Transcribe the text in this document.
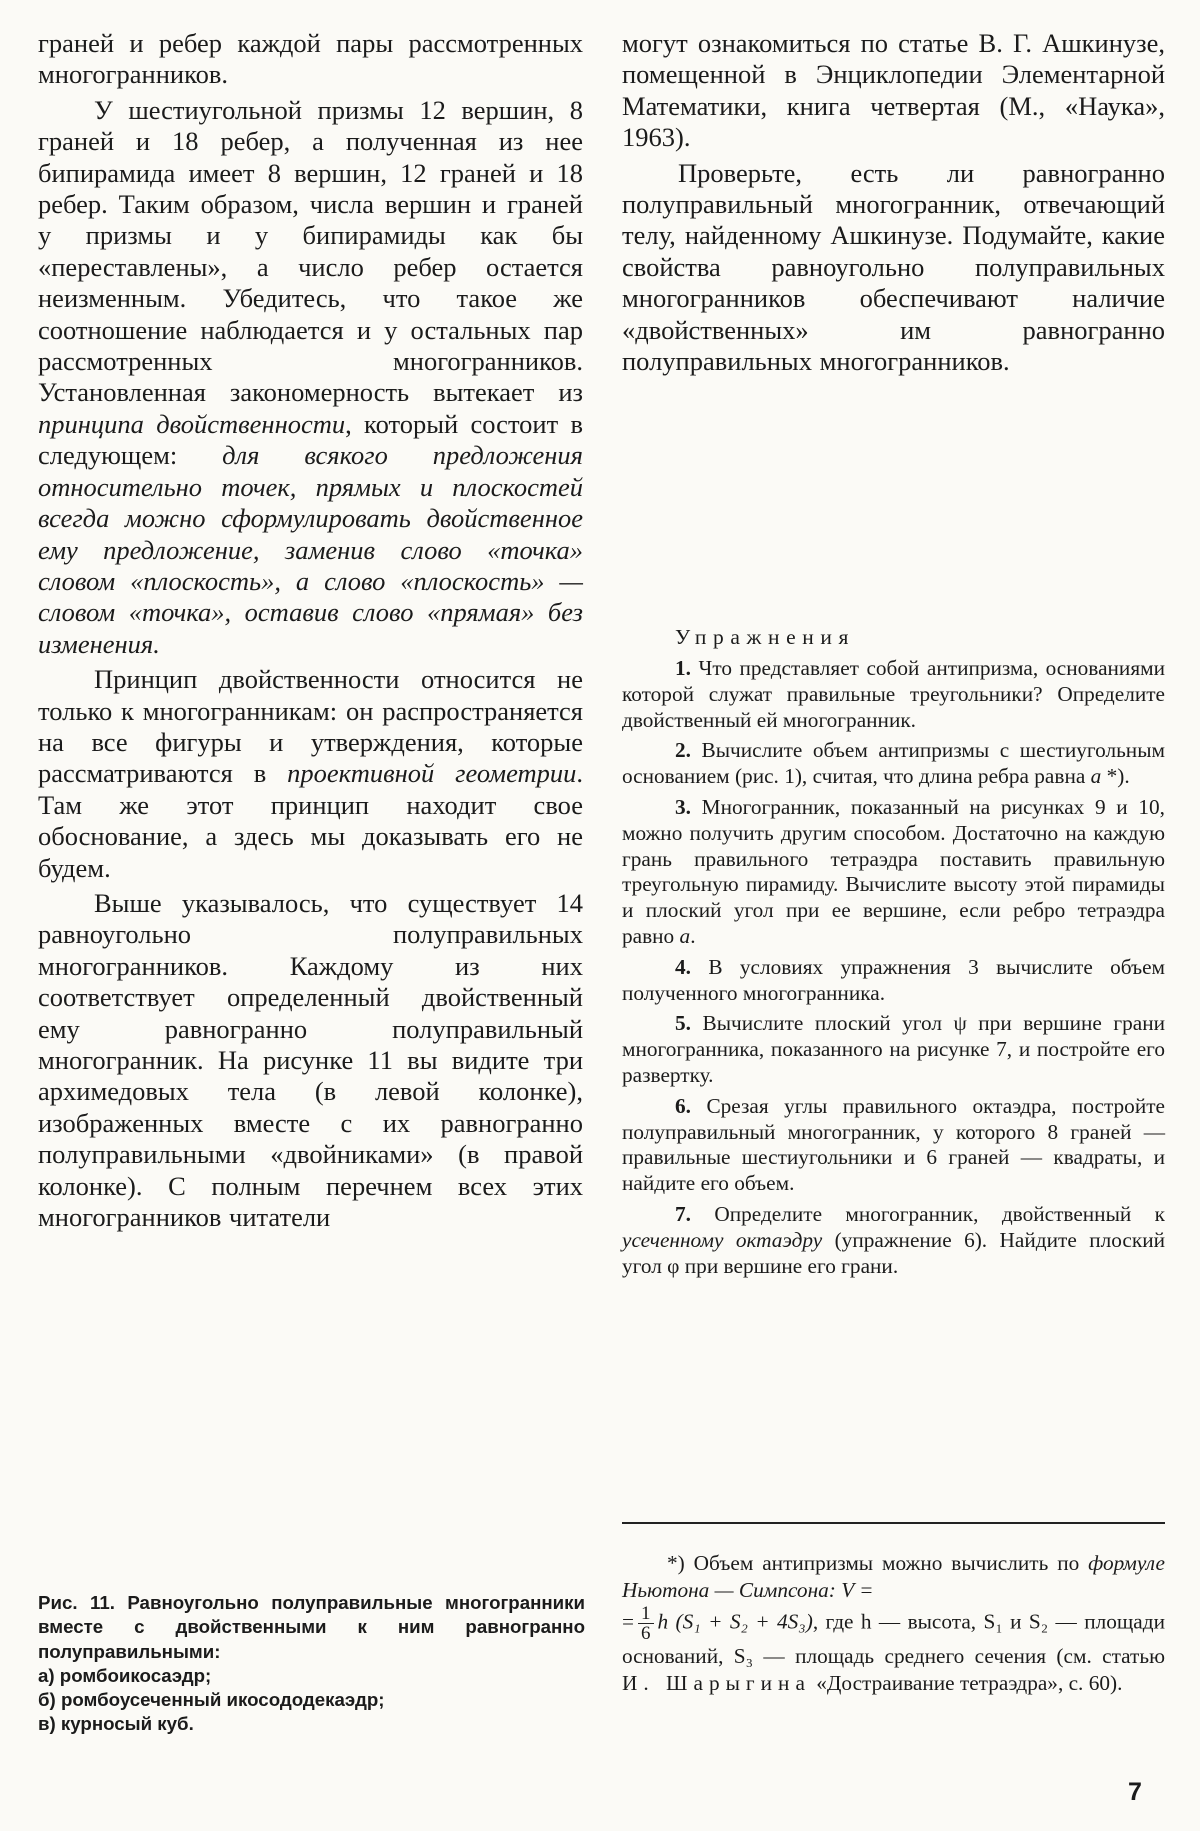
граней и ребер каждой пары рассмотренных многогранников.

У шестиугольной призмы 12 вершин, 8 граней и 18 ребер, а полученная из нее бипирамида имеет 8 вершин, 12 граней и 18 ребер. Таким образом, числа вершин и граней у призмы и у бипирамиды как бы «переставлены», а число ребер остается неизменным. Убедитесь, что такое же соотношение наблюдается и у остальных пар рассмотренных многогранников. Установленная закономерность вытекает из принципа двойственности, который состоит в следующем: для всякого предложения относительно точек, прямых и плоскостей всегда можно сформулировать двойственное ему предложение, заменив слово «точка» словом «плоскость», а слово «плоскость» — словом «точка», оставив слово «прямая» без изменения.

Принцип двойственности относится не только к многогранникам: он распространяется на все фигуры и утверждения, которые рассматриваются в проективной геометрии. Там же этот принцип находит свое обоснование, а здесь мы доказывать его не будем.

Выше указывалось, что существует 14 равноугольно полуправильных многогранников. Каждому из них соответствует определенный двойственный ему равногранно полуправильный многогранник. На рисунке 11 вы видите три архимедовых тела (в левой колонке), изображенных вместе с их равногранно полуправильными «двойниками» (в правой колонке). С полным перечнем всех этих многогранников читатели

могут ознакомиться по статье В. Г. Ашкинузе, помещенной в Энциклопедии Элементарной Математики, книга четвертая (М., «Наука», 1963).

Проверьте, есть ли равногранно полуправильный многогранник, отвечающий телу, найденному Ашкинузе. Подумайте, какие свойства равноугольно полуправильных многогранников обеспечивают наличие «двойственных» им равногранно полуправильных многогранников.

Упражнения

1. Что представляет собой антипризма, основаниями которой служат правильные треугольники? Определите двойственный ей многогранник.

2. Вычислите объем антипризмы с шестиугольным основанием (рис. 1), считая, что длина ребра равна a *).

3. Многогранник, показанный на рисунках 9 и 10, можно получить другим способом. Достаточно на каждую грань правильного тетраэдра поставить правильную треугольную пирамиду. Вычислите высоту этой пирамиды и плоский угол при ее вершине, если ребро тетраэдра равно a.

4. В условиях упражнения 3 вычислите объем полученного многогранника.

5. Вычислите плоский угол ψ при вершине грани многогранника, показанного на рисунке 7, и постройте его развертку.

6. Срезая углы правильного октаэдра, постройте полуправильный многогранник, у которого 8 граней — правильные шестиугольники и 6 граней — квадраты, и найдите его объем.

7. Определите многогранник, двойственный к усеченному октаэдру (упражнение 6). Найдите плоский угол φ при вершине его грани.

*) Объем антипризмы можно вычислить по формуле Ньютона — Симпсона: V =

= $\frac{1}{6}$ h (S₁ + S₂ + 4S₃), где h — высота, S₁ и S₂ — площади оснований, S₃ — площадь среднего сечения (см. статью И. Шарыгина «Достраивание тетраэдра», с. 60).

Рис. 11. Равноугольно полуправильные многогранники вместе с двойственными к ним равногранно полуправильными:

а) ромбоикосаэдр;

б) ромбоусеченный икосододекаэдр;

в) курносый куб.

7
